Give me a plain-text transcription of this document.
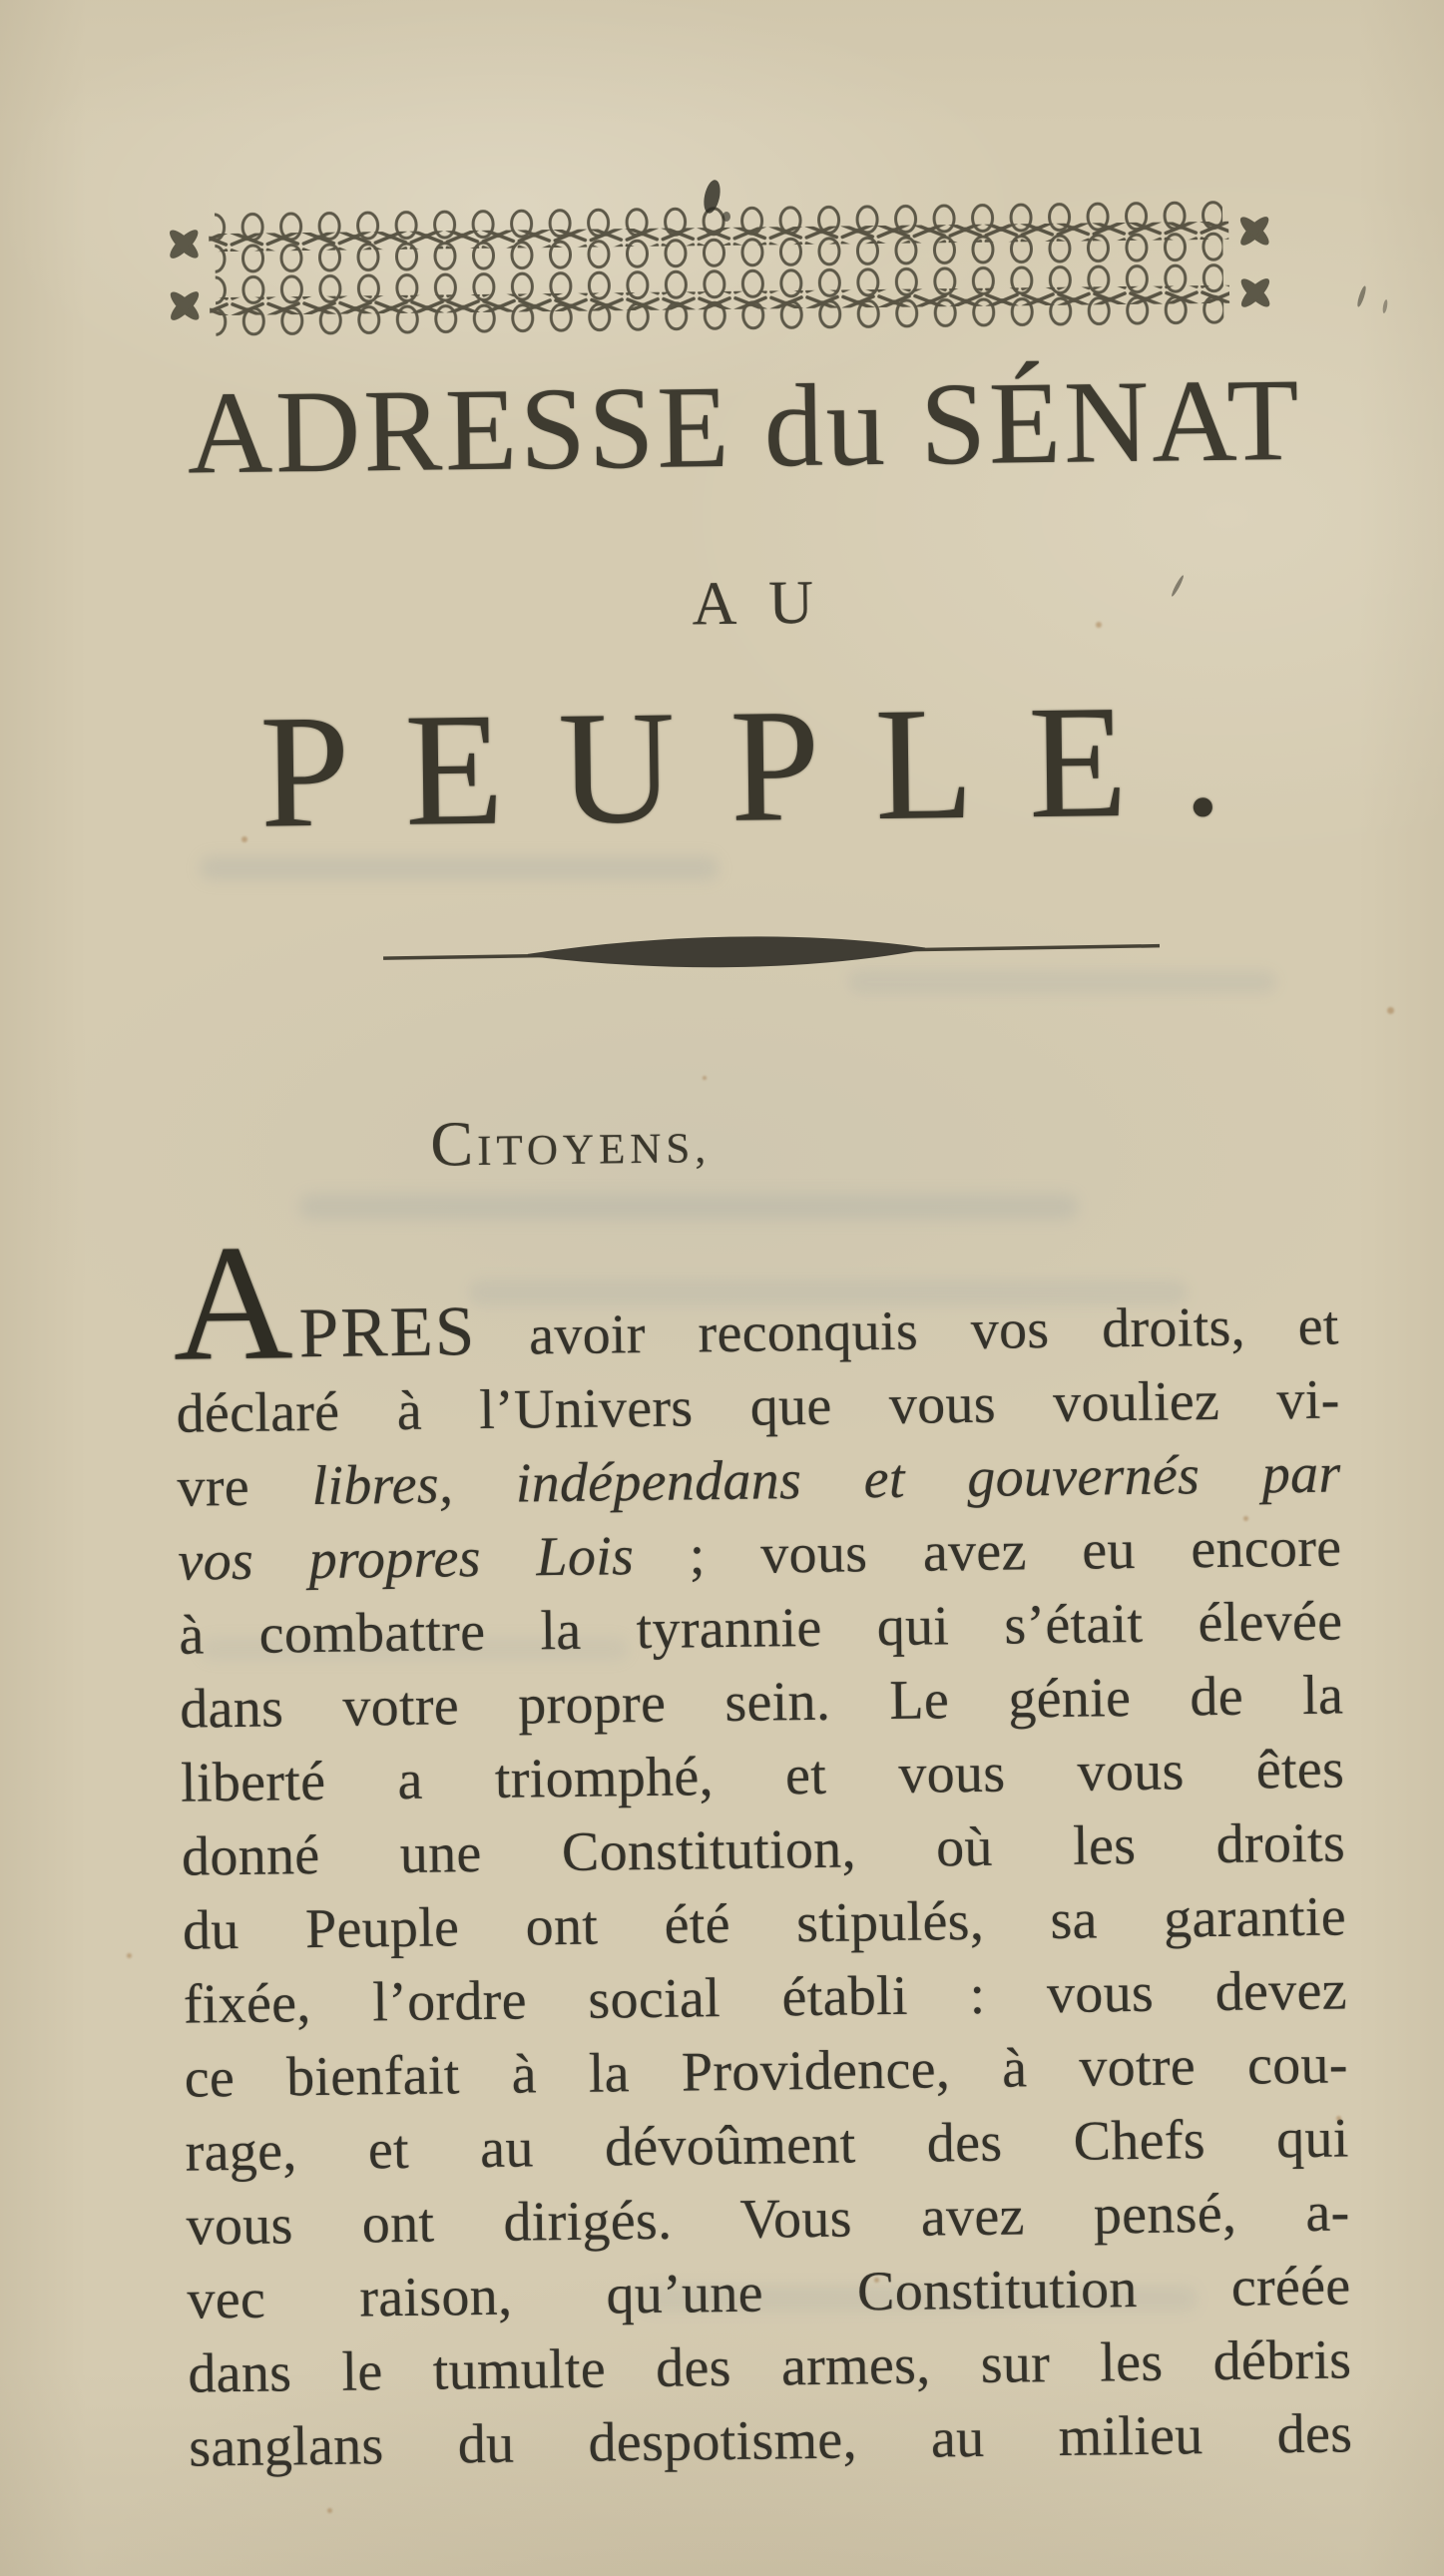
ADRESSE du SÉNAT
AU
PEUPLE.
CITOYENS,
A PRES avoir reconquis vos droits, et
déclaré à l’Univers que vous vouliez vi-
vre libres, indépendans et gouvernés par
vos propres Lois ; vous avez eu encore
à combattre la tyrannie qui s’était élevée
dans votre propre sein. Le génie de la
liberté a triomphé, et vous vous êtes
donné une Constitution, où les droits
du Peuple ont été stipulés, sa garantie
fixée, l’ordre social établi : vous devez
ce bienfait à la Providence, à votre cou-
rage, et au dévoûment des Chefs qui
vous ont dirigés. Vous avez pensé, a-
vec raison, qu’une Constitution créée
dans le tumulte des armes, sur les débris
sanglans du despotisme, au milieu des
